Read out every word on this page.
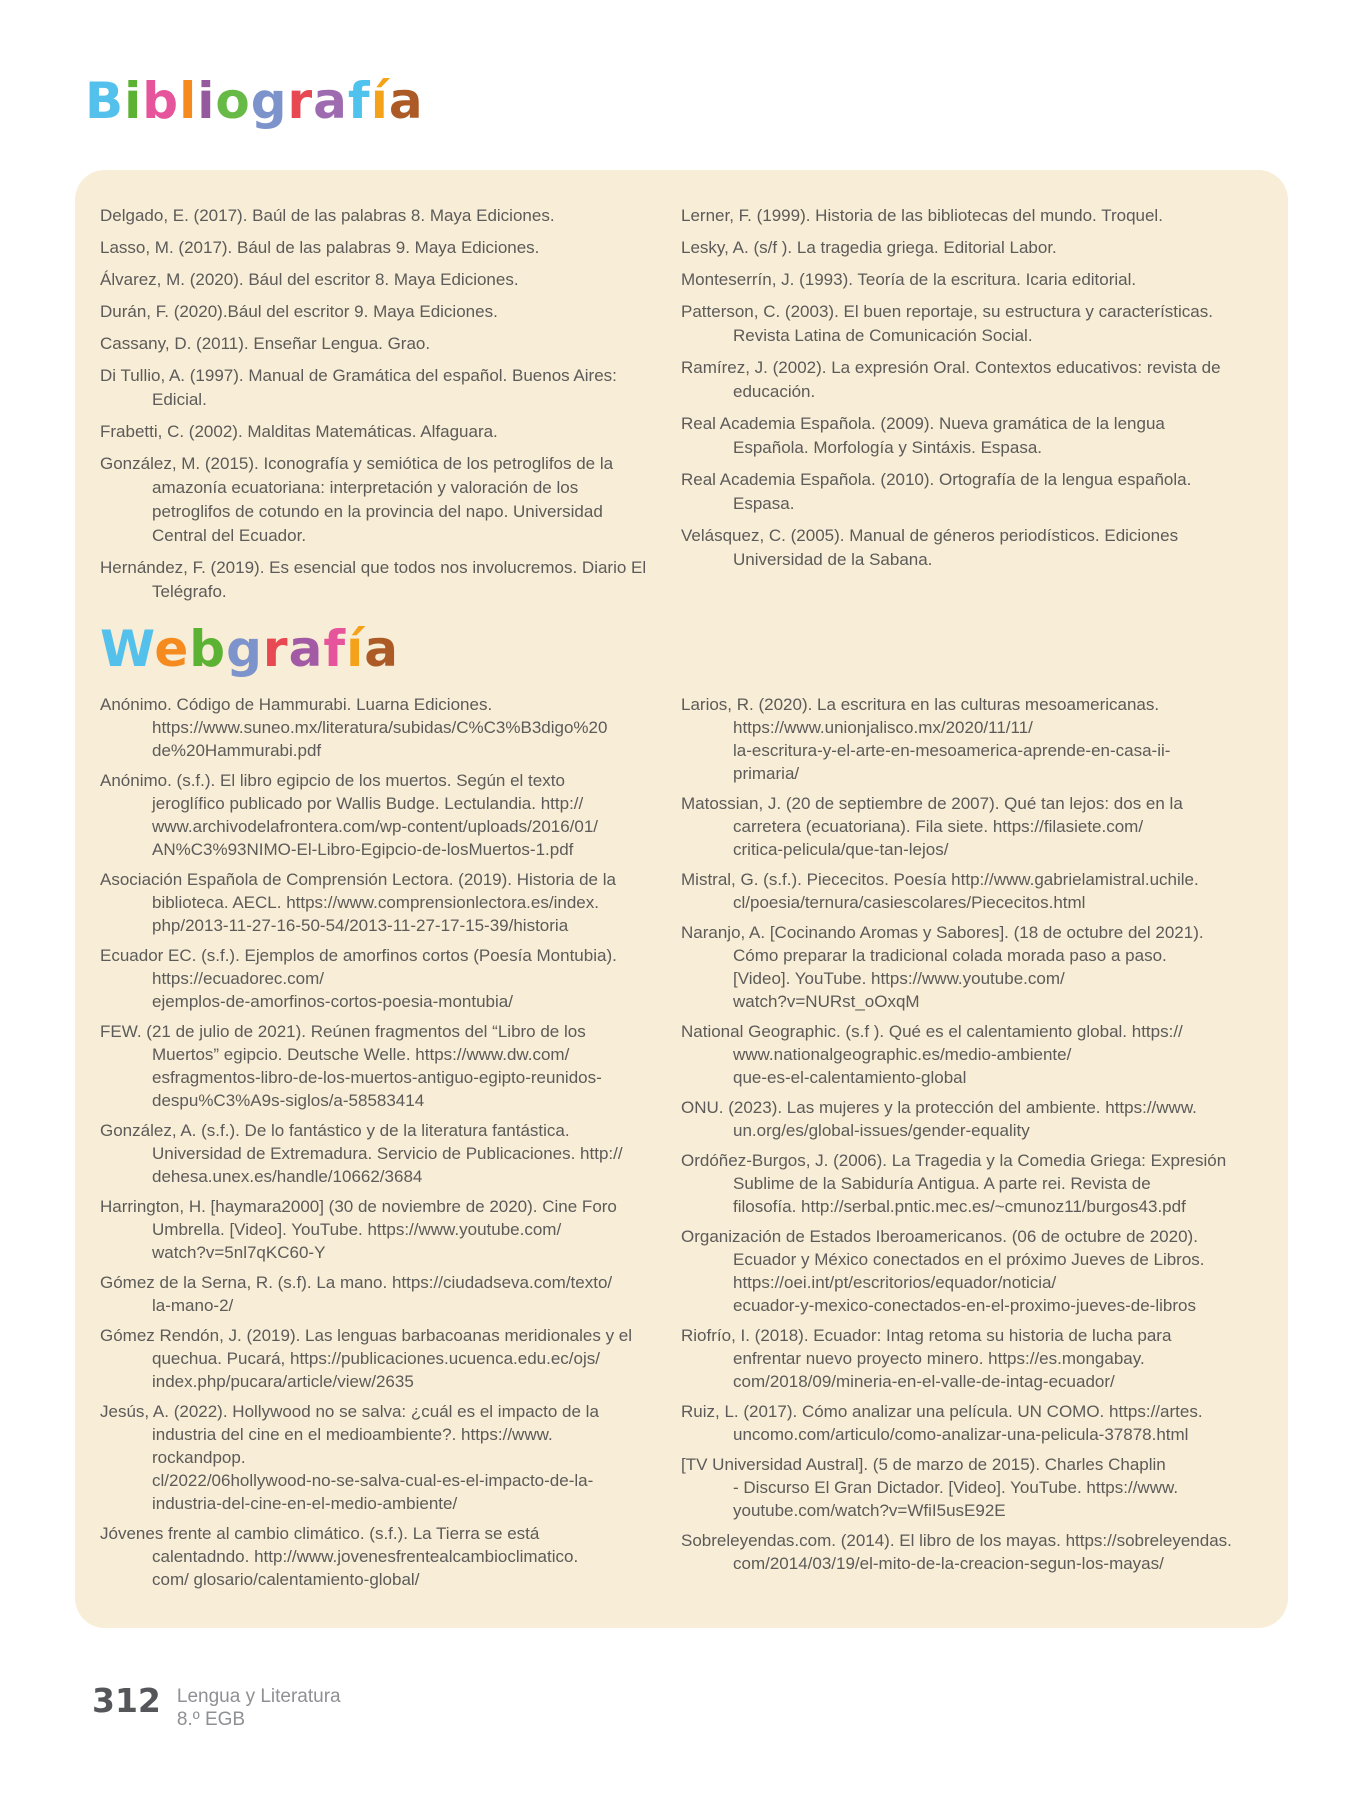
Bibliografía
Delgado, E. (2017). Baúl de las palabras 8. Maya Ediciones.
Lasso, M. (2017). Bául de las palabras 9. Maya Ediciones.
Álvarez, M. (2020). Bául del escritor 8. Maya Ediciones.
Durán, F. (2020).Bául del escritor 9. Maya Ediciones.
Cassany, D. (2011). Enseñar Lengua. Grao.
Di Tullio, A. (1997). Manual de Gramática del español. Buenos Aires:
Edicial.
Frabetti, C. (2002). Malditas Matemáticas. Alfaguara.
González, M. (2015). Iconografía y semiótica de los petroglifos de la
amazonía ecuatoriana: interpretación y valoración de los
petroglifos de cotundo en la provincia del napo. Universidad
Central del Ecuador.
Hernández, F. (2019). Es esencial que todos nos involucremos. Diario El
Telégrafo.
Lerner, F. (1999). Historia de las bibliotecas del mundo. Troquel.
Lesky, A. (s/f ). La tragedia griega. Editorial Labor.
Monteserrín, J. (1993). Teoría de la escritura. Icaria editorial.
Patterson, C. (2003). El buen reportaje, su estructura y características.
Revista Latina de Comunicación Social.
Ramírez, J. (2002). La expresión Oral. Contextos educativos: revista de
educación.
Real Academia Española. (2009). Nueva gramática de la lengua
Española. Morfología y Sintáxis. Espasa.
Real Academia Española. (2010). Ortografía de la lengua española.
Espasa.
Velásquez, C. (2005). Manual de géneros periodísticos. Ediciones
Universidad de la Sabana.
Webgrafía
Anónimo. Código de Hammurabi. Luarna Ediciones.
https://www.suneo.mx/literatura/subidas/C%C3%B3digo%20
de%20Hammurabi.pdf
Anónimo. (s.f.). El libro egipcio de los muertos. Según el texto
jeroglífico publicado por Wallis Budge. Lectulandia. http://
www.archivodelafrontera.com/wp-content/uploads/2016/01/
AN%C3%93NIMO-El-Libro-Egipcio-de-losMuertos-1.pdf
Asociación Española de Comprensión Lectora. (2019). Historia de la
biblioteca. AECL. https://www.comprensionlectora.es/index.
php/2013-11-27-16-50-54/2013-11-27-17-15-39/historia
Ecuador EC. (s.f.). Ejemplos de amorfinos cortos (Poesía Montubia).
https://ecuadorec.com/
ejemplos-de-amorfinos-cortos-poesia-montubia/
FEW. (21 de julio de 2021). Reúnen fragmentos del “Libro de los
Muertos” egipcio. Deutsche Welle. https://www.dw.com/
esfragmentos-libro-de-los-muertos-antiguo-egipto-reunidos-
despu%C3%A9s-siglos/a-58583414
González, A. (s.f.). De lo fantástico y de la literatura fantástica.
Universidad de Extremadura. Servicio de Publicaciones. http://
dehesa.unex.es/handle/10662/3684
Harrington, H. [haymara2000] (30 de noviembre de 2020). Cine Foro
Umbrella. [Video]. YouTube. https://www.youtube.com/
watch?v=5nl7qKC60-Y
Gómez de la Serna, R. (s.f). La mano. https://ciudadseva.com/texto/
la-mano-2/
Gómez Rendón, J. (2019). Las lenguas barbacoanas meridionales y el
quechua. Pucará, https://publicaciones.ucuenca.edu.ec/ojs/
index.php/pucara/article/view/2635
Jesús, A. (2022). Hollywood no se salva: ¿cuál es el impacto de la
industria del cine en el medioambiente?. https://www.
rockandpop.
cl/2022/06hollywood-no-se-salva-cual-es-el-impacto-de-la-
industria-del-cine-en-el-medio-ambiente/
Jóvenes frente al cambio climático. (s.f.). La Tierra se está
calentadndo. http://www.jovenesfrentealcambioclimatico.
com/ glosario/calentamiento-global/
Larios, R. (2020). La escritura en las culturas mesoamericanas.
https://www.unionjalisco.mx/2020/11/11/
la-escritura-y-el-arte-en-mesoamerica-aprende-en-casa-ii-
primaria/
Matossian, J. (20 de septiembre de 2007). Qué tan lejos: dos en la
carretera (ecuatoriana). Fila siete. https://filasiete.com/
critica-pelicula/que-tan-lejos/
Mistral, G. (s.f.). Piececitos. Poesía http://www.gabrielamistral.uchile.
cl/poesia/ternura/casiescolares/Piececitos.html
Naranjo, A. [Cocinando Aromas y Sabores]. (18 de octubre del 2021).
Cómo preparar la tradicional colada morada paso a paso.
[Video]. YouTube. https://www.youtube.com/
watch?v=NURst_oOxqM
National Geographic. (s.f ). Qué es el calentamiento global. https://
www.nationalgeographic.es/medio-ambiente/
que-es-el-calentamiento-global
ONU. (2023). Las mujeres y la protección del ambiente. https://www.
un.org/es/global-issues/gender-equality
Ordóñez-Burgos, J. (2006). La Tragedia y la Comedia Griega: Expresión
Sublime de la Sabiduría Antigua. A parte rei. Revista de
filosofía. http://serbal.pntic.mec.es/~cmunoz11/burgos43.pdf
Organización de Estados Iberoamericanos. (06 de octubre de 2020).
Ecuador y México conectados en el próximo Jueves de Libros.
https://oei.int/pt/escritorios/equador/noticia/
ecuador-y-mexico-conectados-en-el-proximo-jueves-de-libros
Riofrío, I. (2018). Ecuador: Intag retoma su historia de lucha para
enfrentar nuevo proyecto minero. https://es.mongabay.
com/2018/09/mineria-en-el-valle-de-intag-ecuador/
Ruiz, L. (2017). Cómo analizar una película. UN COMO. https://artes.
uncomo.com/articulo/como-analizar-una-pelicula-37878.html
[TV Universidad Austral]. (5 de marzo de 2015). Charles Chaplin
- Discurso El Gran Dictador. [Video]. YouTube. https://www.
youtube.com/watch?v=WfiI5usE92E
Sobreleyendas.com. (2014). El libro de los mayas. https://sobreleyendas.
com/2014/03/19/el-mito-de-la-creacion-segun-los-mayas/
312 Lengua y Literatura
8.º EGB
